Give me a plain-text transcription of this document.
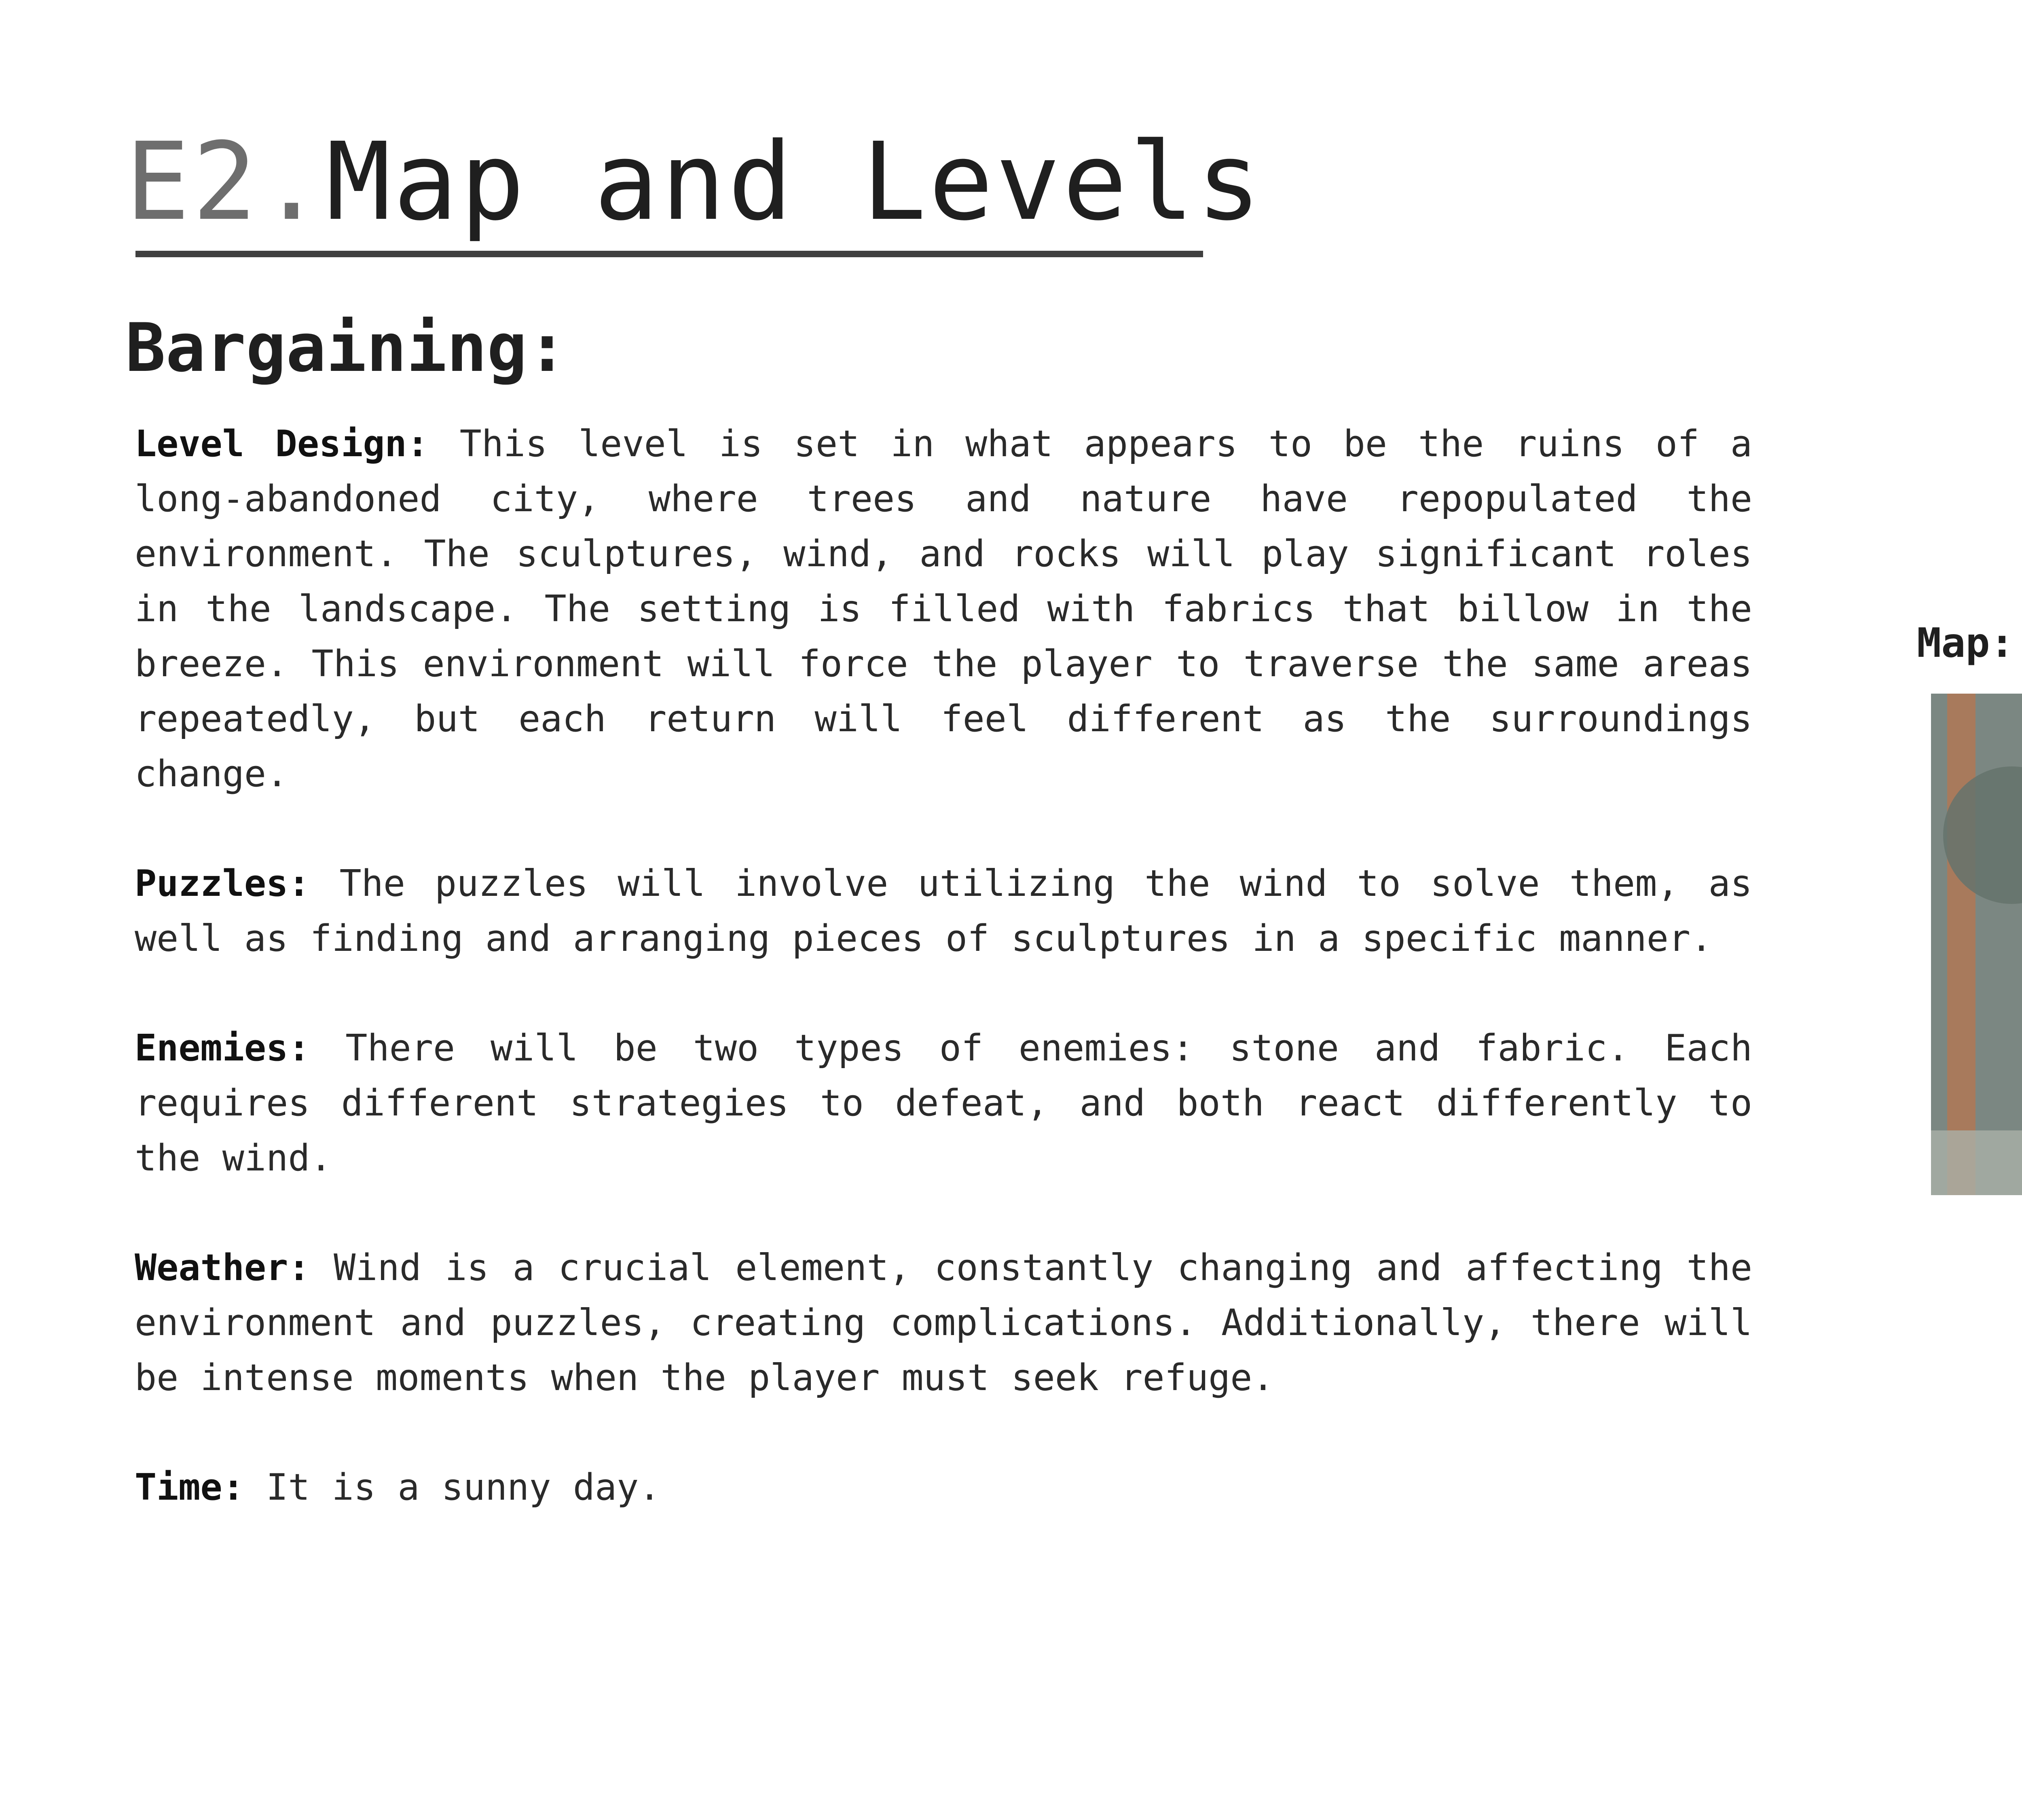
E2.Map and Levels
Bargaining:

Level Design: This level is set in what appears to be the ruins of a long-abandoned city, where trees and nature have repopulated the environment. The sculptures, wind, and rocks will play significant roles in the landscape. The setting is filled with fabrics that billow in the breeze. This environment will force the player to traverse the same areas repeatedly, but each return will feel different as the surroundings change.

Puzzles: The puzzles will involve utilizing the wind to solve them, as well as finding and arranging pieces of sculptures in a specific manner.

Enemies: There will be two types of enemies: stone and fabric. Each requires different strategies to defeat, and both react differently to the wind.

Weather: Wind is a crucial element, constantly changing and affecting the environment and puzzles, creating complications. Additionally, there will be intense moments when the player must seek refuge.

Time: It is a sunny day.

Map:
